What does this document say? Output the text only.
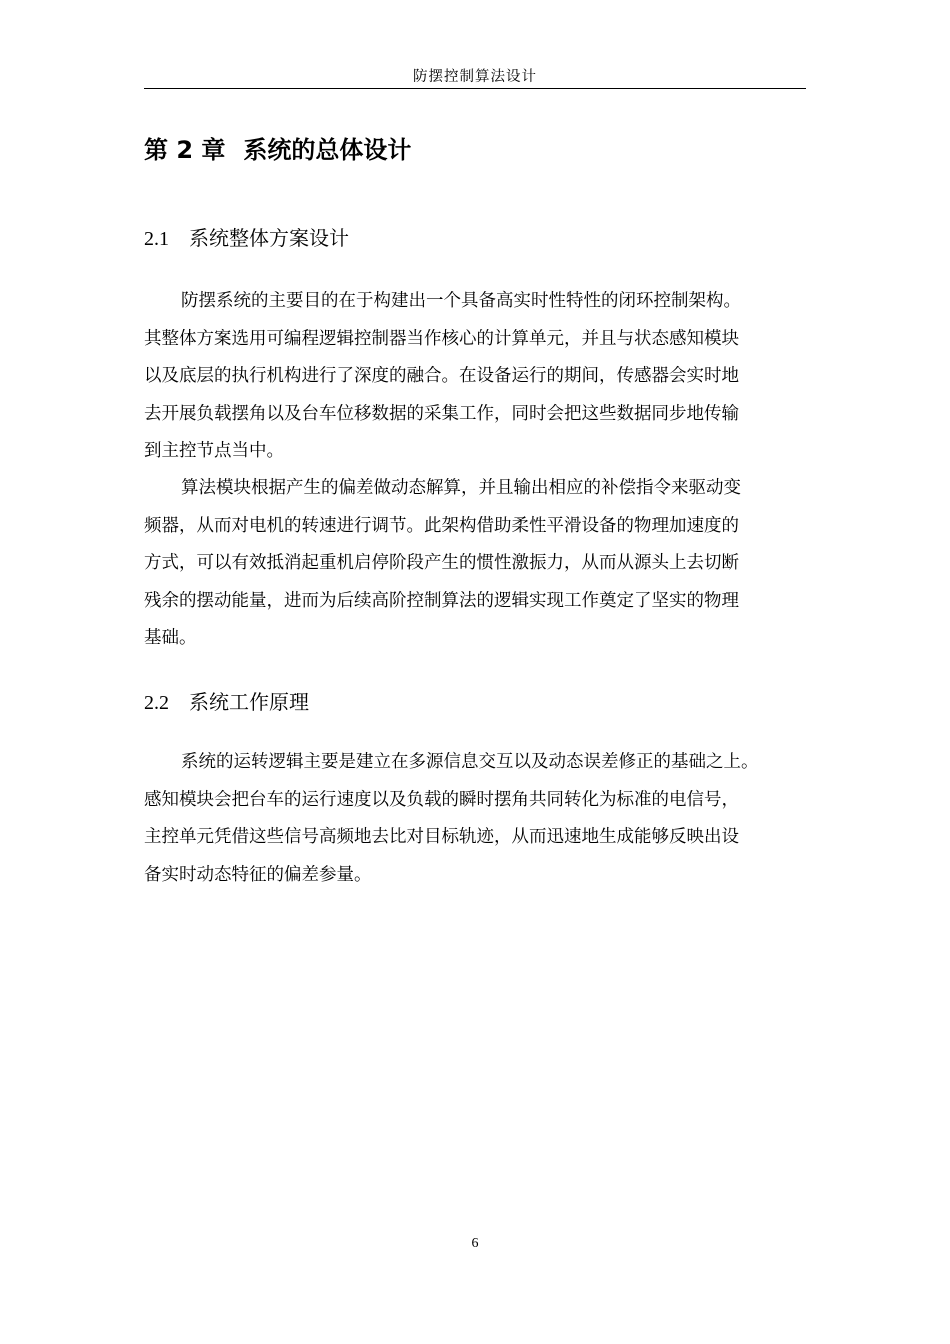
防摆控制算法设计
第 2 章 系统的总体设计
2.1 系统整体方案设计

防摆系统的主要目的在于构建出一个具备高实时性特性的闭环控制架构。
其整体方案选用可编程逻辑控制器当作核心的计算单元，并且与状态感知模块
以及底层的执行机构进行了深度的融合。在设备运行的期间，传感器会实时地
去开展负载摆角以及台车位移数据的采集工作，同时会把这些数据同步地传输
到主控节点当中。

算法模块根据产生的偏差做动态解算，并且输出相应的补偿指令来驱动变
频器，从而对电机的转速进行调节。此架构借助柔性平滑设备的物理加速度的
方式，可以有效抵消起重机启停阶段产生的惯性激振力，从而从源头上去切断
残余的摆动能量，进而为后续高阶控制算法的逻辑实现工作奠定了坚实的物理
基础。

2.2 系统工作原理

系统的运转逻辑主要是建立在多源信息交互以及动态误差修正的基础之上。
感知模块会把台车的运行速度以及负载的瞬时摆角共同转化为标准的电信号，
主控单元凭借这些信号高频地去比对目标轨迹，从而迅速地生成能够反映出设
备实时动态特征的偏差参量。

6
